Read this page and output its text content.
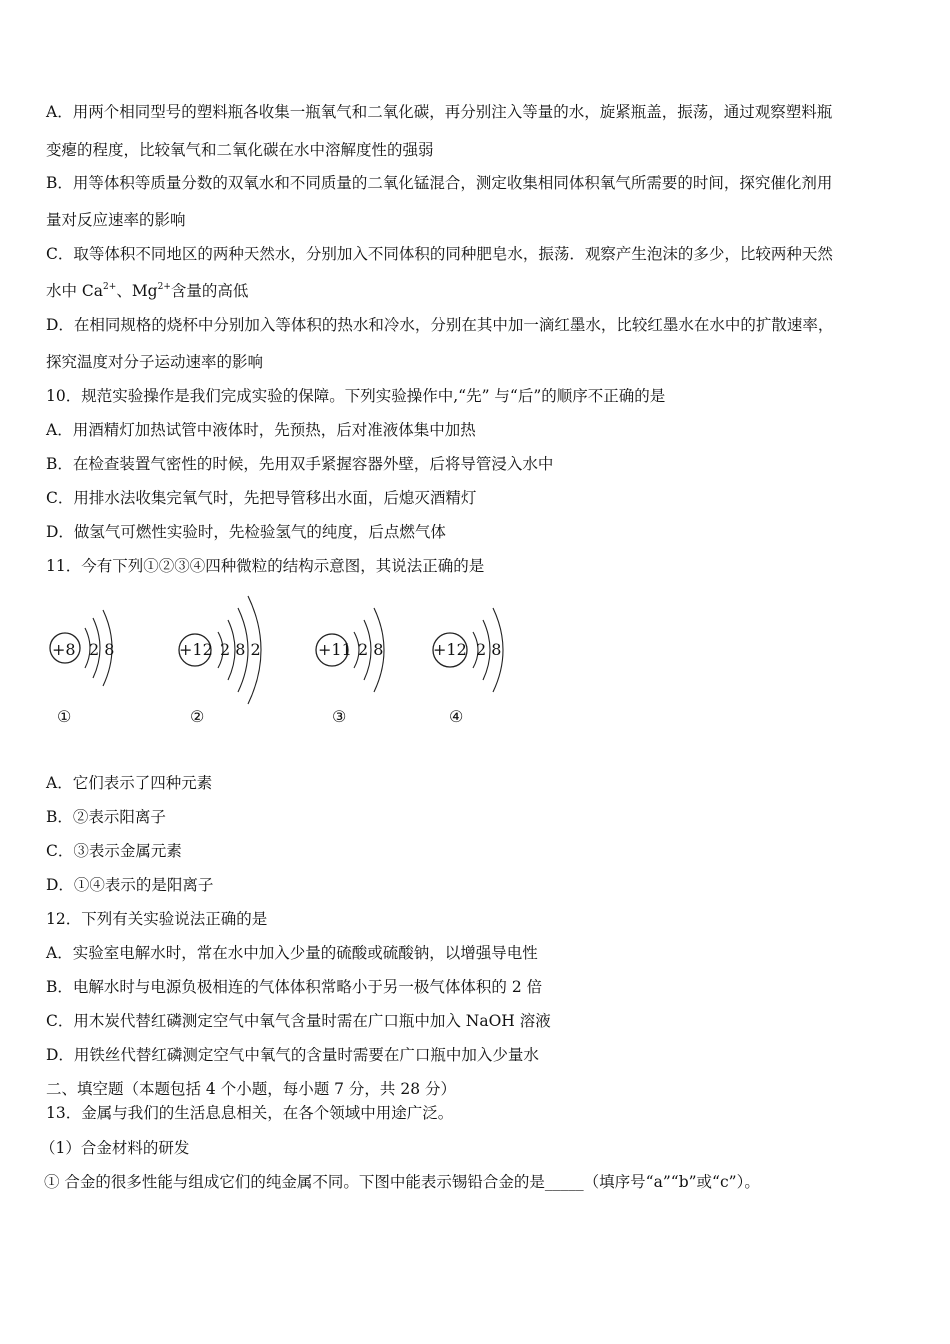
A．用两个相同型号的塑料瓶各收集一瓶氧气和二氧化碳，再分别注入等量的水，旋紧瓶盖，振荡，通过观察塑料瓶
变瘪的程度，比较氧气和二氧化碳在水中溶解度性的强弱
B．用等体积等质量分数的双氧水和不同质量的二氧化锰混合，测定收集相同体积氧气所需要的时间，探究催化剂用
量对反应速率的影响
C．取等体积不同地区的两种天然水，分别加入不同体积的同种肥皂水，振荡．观察产生泡沫的多少，比较两种天然
水中 $Ca^{2+}$、$Mg^{2+}$含量的高低
D．在相同规格的烧杯中分别加入等体积的热水和冷水，分别在其中加一滴红墨水，比较红墨水在水中的扩散速率，
探究温度对分子运动速率的影响
10．规范实验操作是我们完成实验的保障。下列实验操作中,“先” 与“后”的顺序不正确的是
A．用酒精灯加热试管中液体时，先预热，后对准液体集中加热
B．在检查装置气密性的时候，先用双手紧握容器外壁，后将导管浸入水中
C．用排水法收集完氧气时，先把导管移出水面，后熄灭酒精灯
D．做氢气可燃性实验时，先检验氢气的纯度，后点燃气体
11．今有下列①②③④四种微粒的结构示意图，其说法正确的是
+8 2 8
①
+12 2 8 2
②
+11 2 8
③
+12 2 8
④
A．它们表示了四种元素
B．②表示阳离子
C．③表示金属元素
D．①④表示的是阳离子
12．下列有关实验说法正确的是
A．实验室电解水时，常在水中加入少量的硫酸或硫酸钠，以增强导电性
B．电解水时与电源负极相连的气体体积常略小于另一极气体体积的 2 倍
C．用木炭代替红磷测定空气中氧气含量时需在广口瓶中加入 NaOH 溶液
D．用铁丝代替红磷测定空气中氧气的含量时需要在广口瓶中加入少量水
二、填空题（本题包括 4 个小题，每小题 7 分，共 28 分）
13．金属与我们的生活息息相关，在各个领域中用途广泛。
（1）合金材料的研发
① 合金的很多性能与组成它们的纯金属不同。下图中能表示锡铅合金的是_____（填序号“a”“b”或“c”）。
